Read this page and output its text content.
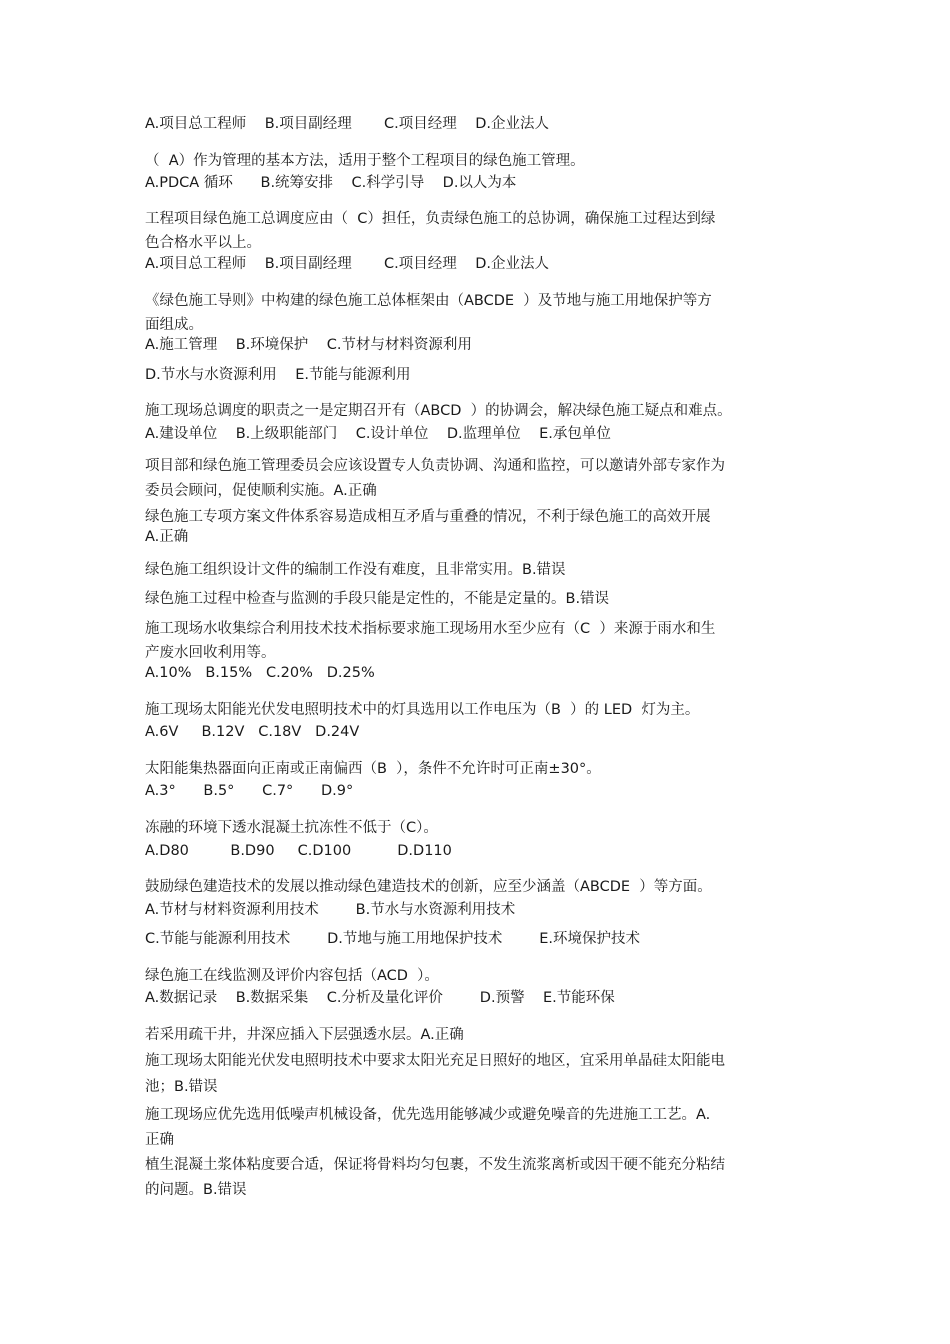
A.项目总工程师    B.项目副经理       C.项目经理    D.企业法人
（  A）作为管理的基本方法，适用于整个工程项目的绿色施工管理。
A.PDCA 循环      B.统筹安排    C.科学引导    D.以人为本
工程项目绿色施工总调度应由（  C）担任，负责绿色施工的总协调，确保施工过程达到绿
色合格水平以上。
A.项目总工程师    B.项目副经理       C.项目经理    D.企业法人
《绿色施工导则》中构建的绿色施工总体框架由（ABCDE  ）及节地与施工用地保护等方
面组成。
A.施工管理    B.环境保护    C.节材与材料资源利用
D.节水与水资源利用    E.节能与能源利用
施工现场总调度的职责之一是定期召开有（ABCD  ）的协调会，解决绿色施工疑点和难点。
A.建设单位    B.上级职能部门    C.设计单位    D.监理单位    E.承包单位
项目部和绿色施工管理委员会应该设置专人负责协调、沟通和监控，可以邀请外部专家作为
委员会顾问，促使顺利实施。A.正确
绿色施工专项方案文件体系容易造成相互矛盾与重叠的情况，不利于绿色施工的高效开展
A.正确
绿色施工组织设计文件的编制工作没有难度，且非常实用。B.错误
绿色施工过程中检查与监测的手段只能是定性的，不能是定量的。B.错误
施工现场水收集综合利用技术技术指标要求施工现场用水至少应有（C  ）来源于雨水和生
产废水回收利用等。
A.10%   B.15%   C.20%   D.25%
施工现场太阳能光伏发电照明技术中的灯具选用以工作电压为（B  ）的 LED  灯为主。
A.6V     B.12V   C.18V   D.24V
太阳能集热器面向正南或正南偏西（B  ），条件不允许时可正南±30°。
A.3°      B.5°      C.7°      D.9°
冻融的环境下透水混凝土抗冻性不低于（C）。
A.D80         B.D90     C.D100          D.D110
鼓励绿色建造技术的发展以推动绿色建造技术的创新，应至少涵盖（ABCDE  ）等方面。
A.节材与材料资源利用技术        B.节水与水资源利用技术
C.节能与能源利用技术        D.节地与施工用地保护技术        E.环境保护技术
绿色施工在线监测及评价内容包括（ACD  ）。
A.数据记录    B.数据采集    C.分析及量化评价        D.预警    E.节能环保
若采用疏干井，井深应插入下层强透水层。A.正确
施工现场太阳能光伏发电照明技术中要求太阳光充足日照好的地区，宜采用单晶硅太阳能电
池；B.错误
施工现场应优先选用低噪声机械设备，优先选用能够减少或避免噪音的先进施工工艺。A.
正确
植生混凝土浆体粘度要合适，保证将骨料均匀包裹，不发生流浆离析或因干硬不能充分粘结
的问题。B.错误
